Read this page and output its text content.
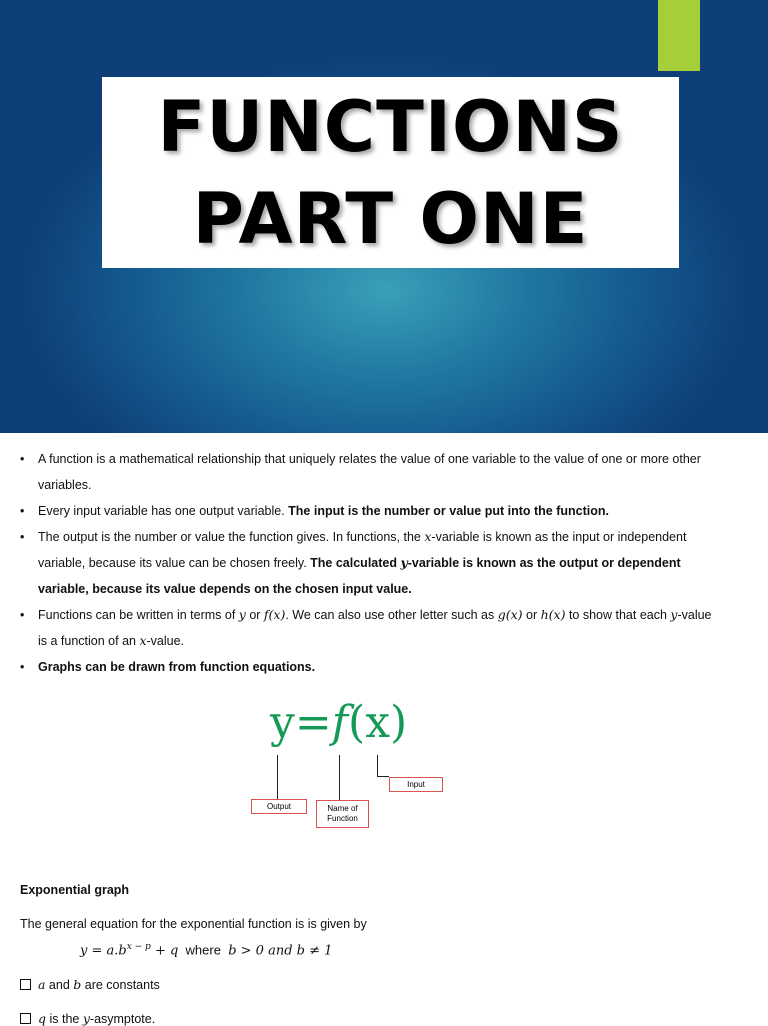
FUNCTIONS
PART ONE
• A function is a mathematical relationship that uniquely relates the value of one variable to the value of one or more other variables.
• Every input variable has one output variable. The input is the number or value put into the function.
• The output is the number or value the function gives. In functions, the x-variable is known as the input or independent variable, because its value can be chosen freely. The calculated y-variable is known as the output or dependent variable, because its value depends on the chosen input value.
• Functions can be written in terms of y or f(x). We can also use other letter such as g(x) or h(x) to show that each y-value is a function of an x-value.
• Graphs can be drawn from function equations.
y=f(x)
Output	Name of Function
Input
Exponential graph
The general equation for the exponential function is is given by
$y = a.b^{x - p} + q$ where b > 0 and b ≠ 1
a and b are constants
q is the y-asymptote.
